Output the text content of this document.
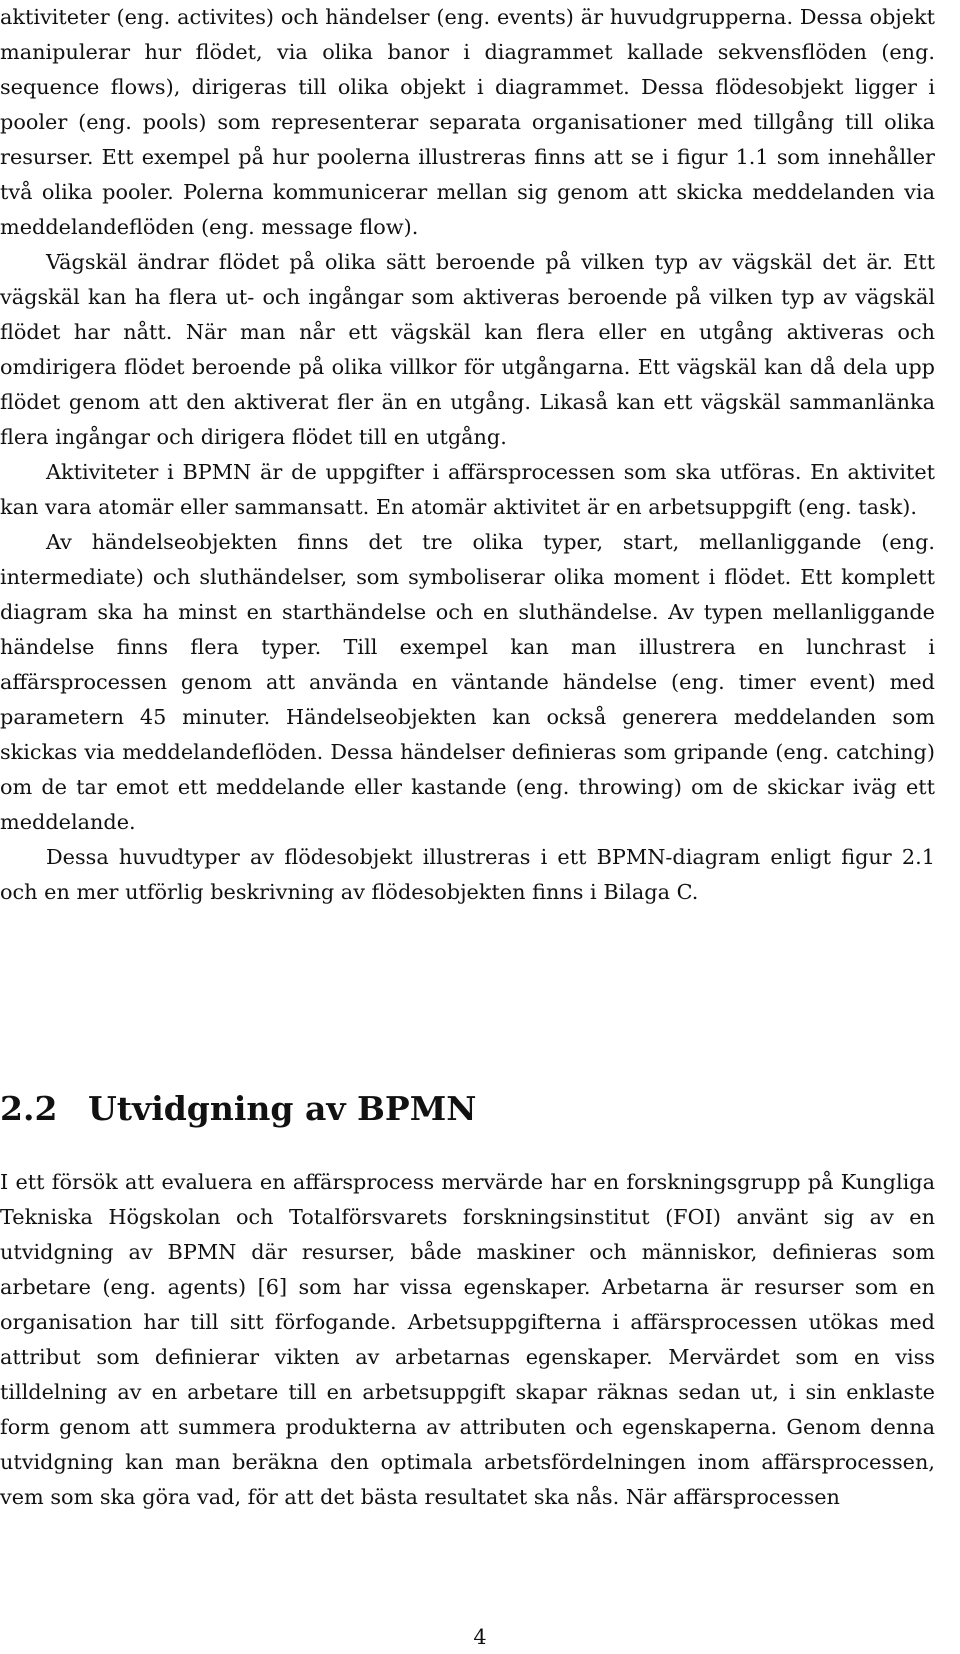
aktiviteter (eng. activites) och händelser (eng. events) är huvudgrupperna. Dessa objekt manipulerar hur flödet, via olika banor i diagrammet kallade sekvensflöden (eng. sequence flows), dirigeras till olika objekt i diagrammet. Dessa flödesobjekt ligger i pooler (eng. pools) som representerar separata organisationer med tillgång till olika resurser. Ett exempel på hur poolerna illustreras finns att se i figur 1.1 som innehåller två olika pooler. Polerna kommunicerar mellan sig genom att skicka meddelanden via meddelandeflöden (eng. message flow).

Vägskäl ändrar flödet på olika sätt beroende på vilken typ av vägskäl det är. Ett vägskäl kan ha flera ut- och ingångar som aktiveras beroende på vilken typ av vägskäl flödet har nått. När man når ett vägskäl kan flera eller en utgång aktiveras och omdirigera flödet beroende på olika villkor för utgångarna. Ett vägskäl kan då dela upp flödet genom att den aktiverat fler än en utgång. Likaså kan ett vägskäl sammanlänka flera ingångar och dirigera flödet till en utgång.

Aktiviteter i BPMN är de uppgifter i affärsprocessen som ska utföras. En aktivitet kan vara atomär eller sammansatt. En atomär aktivitet är en arbetsuppgift (eng. task).

Av händelseobjekten finns det tre olika typer, start, mellanliggande (eng. intermediate) och sluthändelser, som symboliserar olika moment i flödet. Ett komplett diagram ska ha minst en starthändelse och en sluthändelse. Av typen mellanliggande händelse finns flera typer. Till exempel kan man illustrera en lunchrast i affärsprocessen genom att använda en väntande händelse (eng. timer event) med parametern 45 minuter. Händelseobjekten kan också generera meddelanden som skickas via meddelandeflöden. Dessa händelser definieras som gripande (eng. catching) om de tar emot ett meddelande eller kastande (eng. throwing) om de skickar iväg ett meddelande.

Dessa huvudtyper av flödesobjekt illustreras i ett BPMN-diagram enligt figur 2.1 och en mer utförlig beskrivning av flödesobjekten finns i Bilaga C.

2.2 Utvidgning av BPMN

I ett försök att evaluera en affärsprocess mervärde har en forskningsgrupp på Kungliga Tekniska Högskolan och Totalförsvarets forskningsinstitut (FOI) använt sig av en utvidgning av BPMN där resurser, både maskiner och människor, definieras som arbetare (eng. agents) [6] som har vissa egenskaper. Arbetarna är resurser som en organisation har till sitt förfogande. Arbetsuppgifterna i affärsprocessen utökas med attribut som definierar vikten av arbetarnas egenskaper. Mervärdet som en viss tilldelning av en arbetare till en arbetsuppgift skapar räknas sedan ut, i sin enklaste form genom att summera produkterna av attributen och egenskaperna. Genom denna utvidgning kan man beräkna den optimala arbetsfördelningen inom affärsprocessen, vem som ska göra vad, för att det bästa resultatet ska nås. När affärsprocessen

4
